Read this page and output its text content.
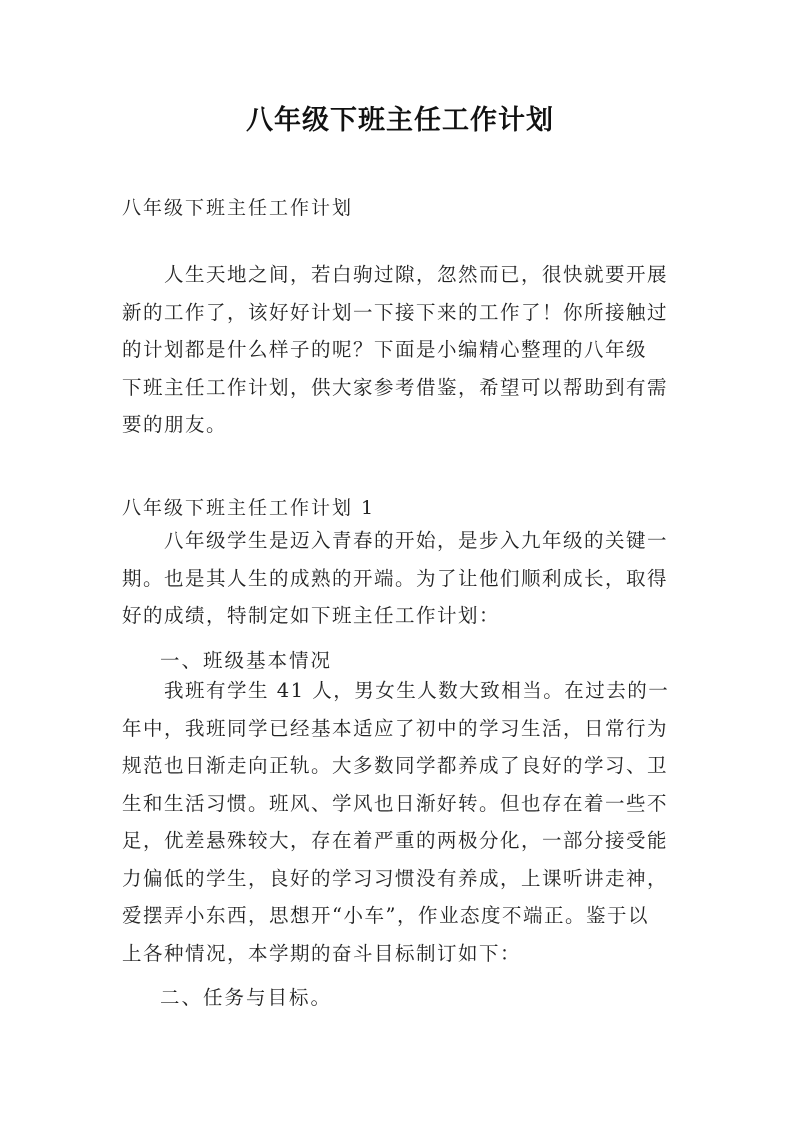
八年级下班主任工作计划
八年级下班主任工作计划
　　人生天地之间，若白驹过隙，忽然而已，很快就要开展
新的工作了，该好好计划一下接下来的工作了！你所接触过
的计划都是什么样子的呢？下面是小编精心整理的八年级
下班主任工作计划，供大家参考借鉴，希望可以帮助到有需
要的朋友。
八年级下班主任工作计划 1
　　八年级学生是迈入青春的开始，是步入九年级的关键一
期。也是其人生的成熟的开端。为了让他们顺利成长，取得
好的成绩，特制定如下班主任工作计划：
一、班级基本情况
　　我班有学生 41 人，男女生人数大致相当。在过去的一
年中，我班同学已经基本适应了初中的学习生活，日常行为
规范也日渐走向正轨。大多数同学都养成了良好的学习、卫
生和生活习惯。班风、学风也日渐好转。但也存在着一些不
足，优差悬殊较大，存在着严重的两极分化，一部分接受能
力偏低的学生，良好的学习习惯没有养成，上课听讲走神，
爱摆弄小东西，思想开“小车”，作业态度不端正。鉴于以
上各种情况，本学期的奋斗目标制订如下：
二、任务与目标。
